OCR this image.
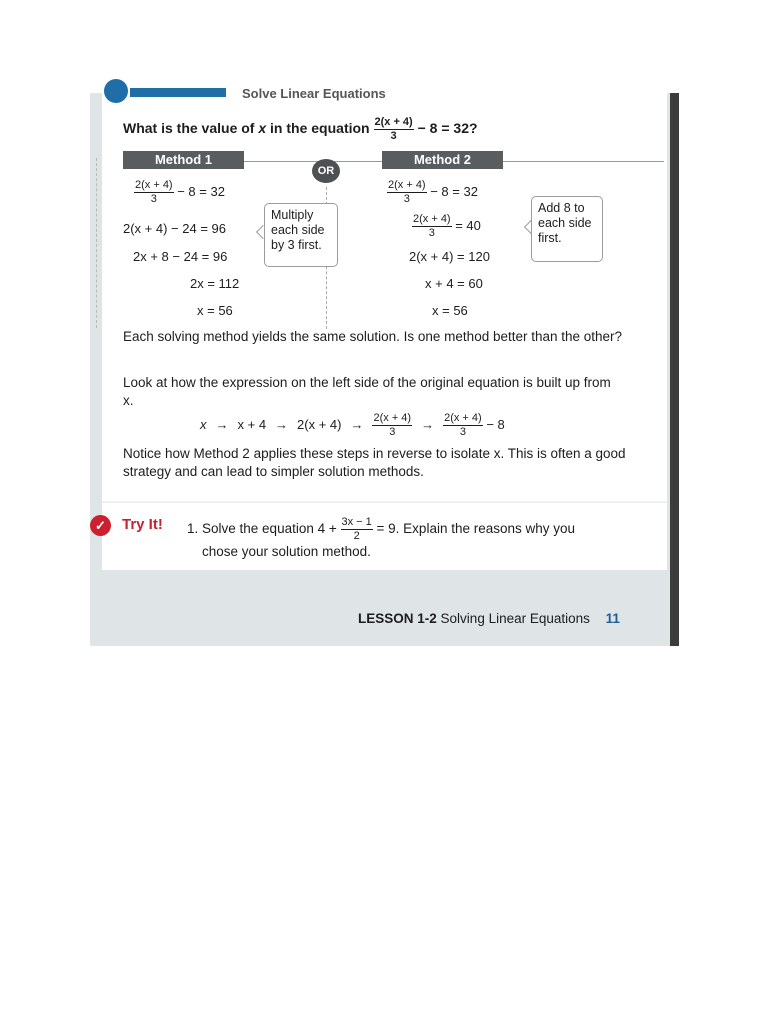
Solve Linear Equations
What is the value of x in the equation $\frac{2(x + 4)}{3} - 8 = 32$?
Method 1	Method 2
OR
$\frac{2(x + 4)}{3} - 8 = 32$
2(x + 4) − 24 = 96
2x + 8 − 24 = 96
2x = 112
x = 56
Multiply
each side
by 3 first.
$\frac{2(x + 4)}{3} - 8 = 32$
$\frac{2(x + 4)}{3} = 40$
2(x + 4) = 120
x + 4 = 60
x = 56
Add 8 to
each side
first.
Each solving method yields the same solution. Is one method better than the other?
Look at how the expression on the left side of the original equation is built up from x.
$x \to x + 4 \to 2(x + 4) \to \frac{2(x + 4)}{3} \to \frac{2(x + 4)}{3} - 8$
Notice how Method 2 applies these steps in reverse to isolate x. This is often a good strategy and can lead to simpler solution methods.
✓	Try It! 1. Solve the equation $4 + \frac{3x - 1}{2} = 9$. Explain the reasons why you
chose your solution method.
LESSON 1-2 Solving Linear Equations 11
